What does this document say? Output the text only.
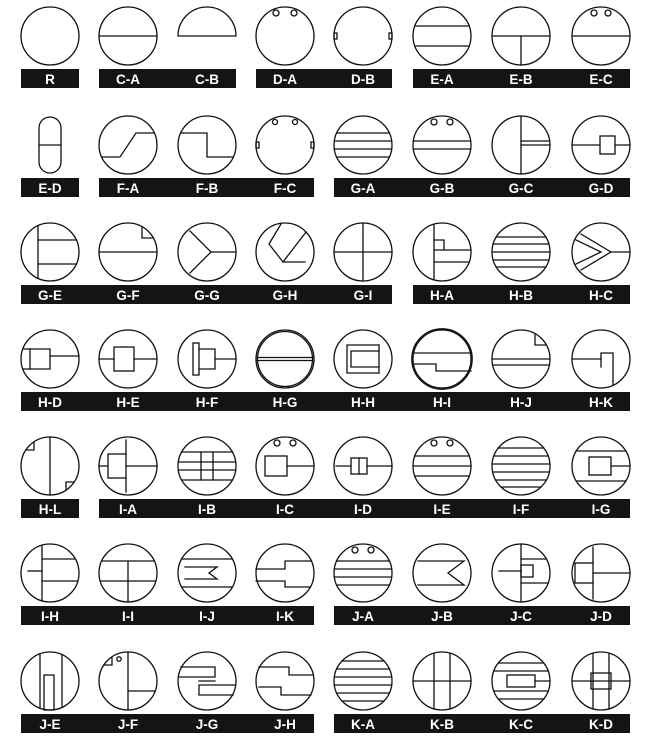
R	C-A	C-B	D-A	D-B	E-A	E-B	E-C
E-D	F-A	F-B	F-C	G-A	G-B	G-C	G-D
G-E	G-F	G-G	G-H	G-I	H-A	H-B	H-C
H-D	H-E	H-F	H-G	H-H	H-I	H-J	H-K
H-L	I-A	I-B	I-C	I-D	I-E	I-F	I-G
I-H	I-I	I-J	I-K	J-A	J-B	J-C	J-D
J-E	J-F	J-G	J-H	K-A	K-B	K-C	K-D
